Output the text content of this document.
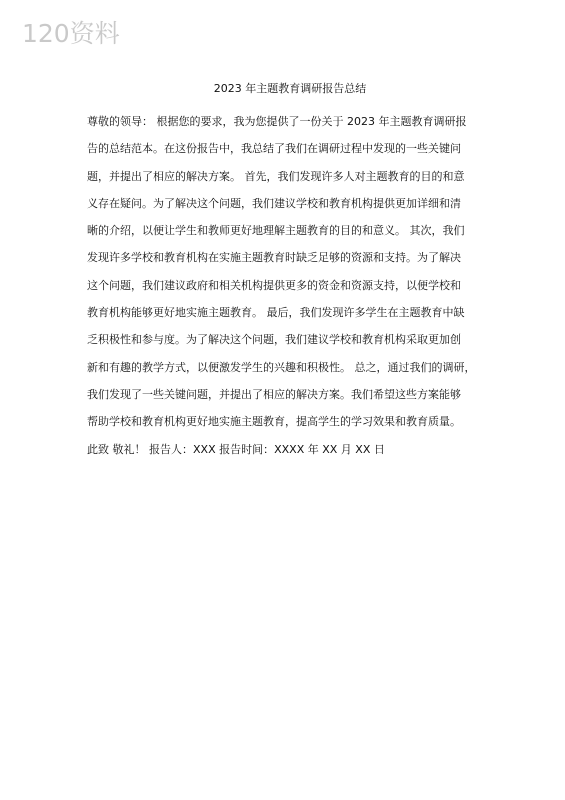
120资料
2023 年主题教育调研报告总结
尊敬的领导： 根据您的要求，我为您提供了一份关于 2023 年主题教育调研报
告的总结范本。在这份报告中，我总结了我们在调研过程中发现的一些关键问
题，并提出了相应的解决方案。 首先，我们发现许多人对主题教育的目的和意
义存在疑问。为了解决这个问题，我们建议学校和教育机构提供更加详细和清
晰的介绍，以便让学生和教师更好地理解主题教育的目的和意义。 其次，我们
发现许多学校和教育机构在实施主题教育时缺乏足够的资源和支持。为了解决
这个问题，我们建议政府和相关机构提供更多的资金和资源支持，以便学校和
教育机构能够更好地实施主题教育。 最后，我们发现许多学生在主题教育中缺
乏积极性和参与度。为了解决这个问题，我们建议学校和教育机构采取更加创
新和有趣的教学方式，以便激发学生的兴趣和积极性。 总之，通过我们的调研，
我们发现了一些关键问题，并提出了相应的解决方案。我们希望这些方案能够
帮助学校和教育机构更好地实施主题教育，提高学生的学习效果和教育质量。
此致 敬礼！ 报告人：XXX 报告时间：XXXX 年 XX 月 XX 日
